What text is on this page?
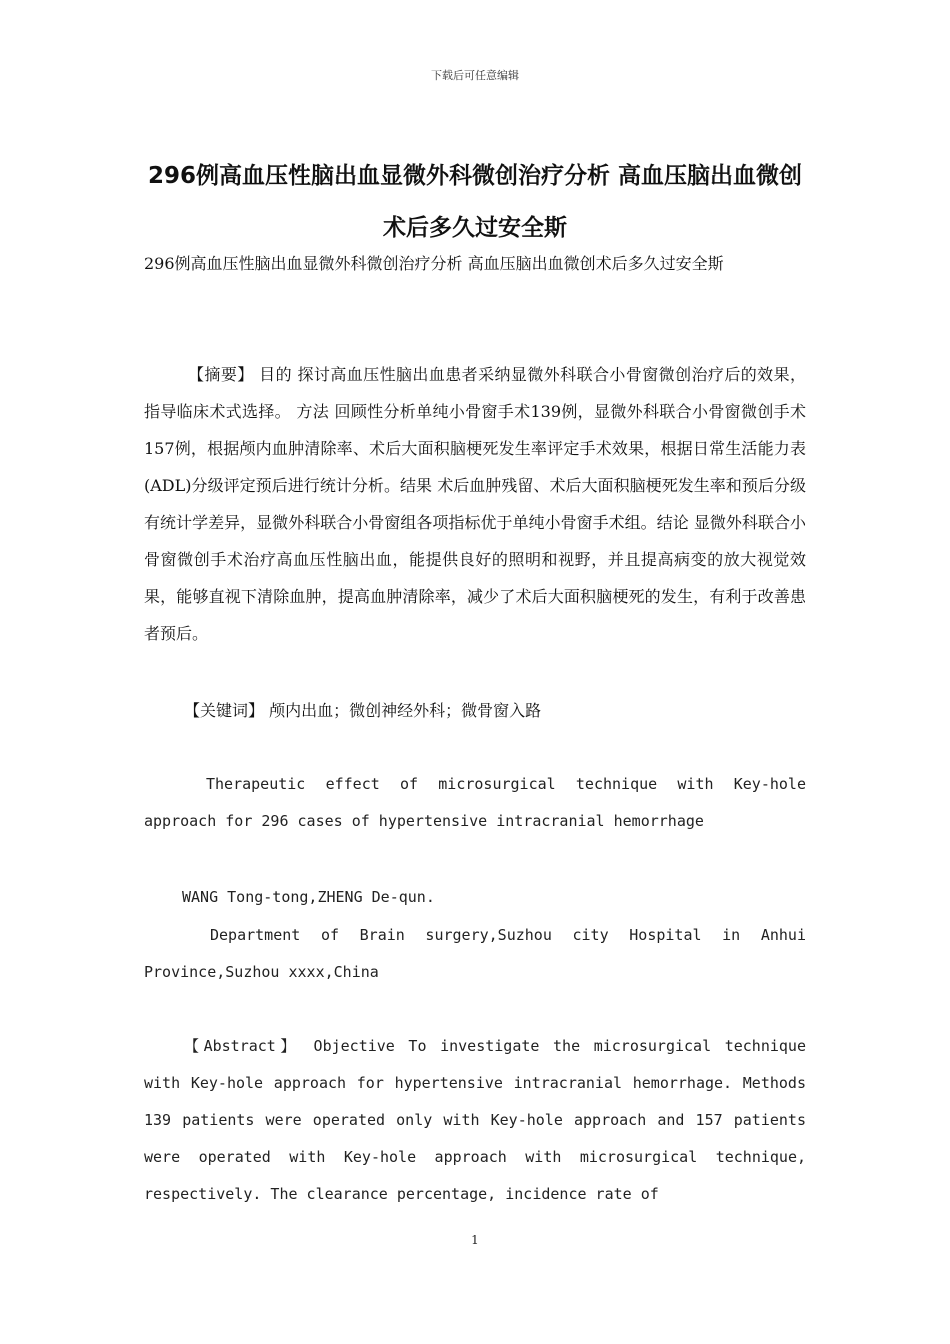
下载后可任意编辑
296例高血压性脑出血显微外科微创治疗分析 高血压脑出血微创术后多久过安全斯
296例高血压性脑出血显微外科微创治疗分析 高血压脑出血微创术后多久过安全斯
【摘要】 目的 探讨高血压性脑出血患者采纳显微外科联合小骨窗微创治疗后的效果，指导临床术式选择。 方法 回顾性分析单纯小骨窗手术139例，显微外科联合小骨窗微创手术157例，根据颅内血肿清除率、术后大面积脑梗死发生率评定手术效果，根据日常生活能力表(ADL)分级评定预后进行统计分析。结果 术后血肿残留、术后大面积脑梗死发生率和预后分级有统计学差异，显微外科联合小骨窗组各项指标优于单纯小骨窗手术组。结论 显微外科联合小骨窗微创手术治疗高血压性脑出血，能提供良好的照明和视野，并且提高病变的放大视觉效果，能够直视下清除血肿，提高血肿清除率，减少了术后大面积脑梗死的发生，有利于改善患者预后。
【关键词】 颅内出血；微创神经外科；微骨窗入路
Therapeutic effect of microsurgical technique with Key-hole approach for 296 cases of hypertensive intracranial hemorrhage
WANG Tong-tong,ZHENG De-qun.
Department of Brain surgery,Suzhou city Hospital in Anhui Province,Suzhou xxxx,China
【Abstract】 Objective To investigate the microsurgical technique with Key-hole approach for hypertensive intracranial hemorrhage. Methods 139 patients were operated only with Key-hole approach and 157 patients were operated with Key-hole approach with microsurgical technique, respectively. The clearance percentage, incidence rate of
1
